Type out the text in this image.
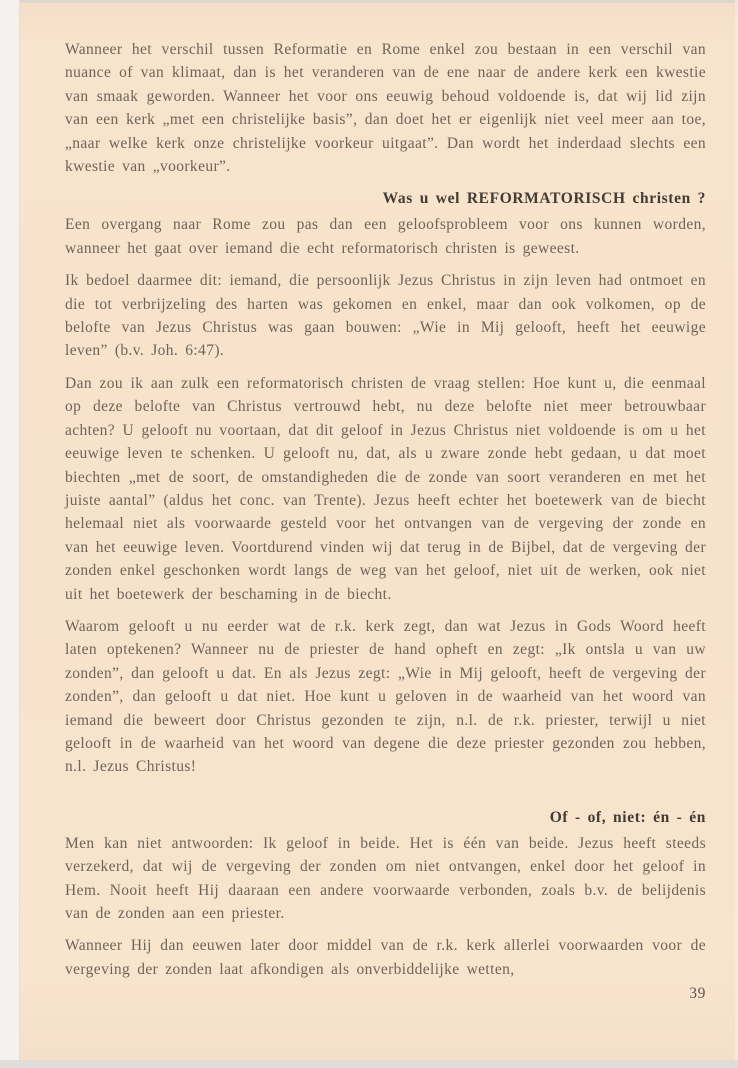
Wanneer het verschil tussen Reformatie en Rome enkel zou bestaan in een verschil van nuance of van klimaat, dan is het veranderen van de ene naar de andere kerk een kwestie van smaak geworden. Wanneer het voor ons eeuwig behoud voldoende is, dat wij lid zijn van een kerk „met een christelijke basis”, dan doet het er eigenlijk niet veel meer aan toe, „naar welke kerk onze christelijke voorkeur uitgaat”. Dan wordt het inderdaad slechts een kwestie van „voorkeur”.

Was u wel REFORMATORISCH christen ?

Een overgang naar Rome zou pas dan een geloofsprobleem voor ons kunnen worden, wanneer het gaat over iemand die echt reformatorisch christen is geweest.

Ik bedoel daarmee dit: iemand, die persoonlijk Jezus Christus in zijn leven had ontmoet en die tot verbrijzeling des harten was gekomen en enkel, maar dan ook volkomen, op de belofte van Jezus Christus was gaan bouwen: „Wie in Mij gelooft, heeft het eeuwige leven” (b.v. Joh. 6:47).

Dan zou ik aan zulk een reformatorisch christen de vraag stellen: Hoe kunt u, die eenmaal op deze belofte van Christus vertrouwd hebt, nu deze belofte niet meer betrouwbaar achten? U gelooft nu voortaan, dat dit geloof in Jezus Christus niet voldoende is om u het eeuwige leven te schenken. U gelooft nu, dat, als u zware zonde hebt gedaan, u dat moet biechten „met de soort, de omstandigheden die de zonde van soort veranderen en met het juiste aantal” (aldus het conc. van Trente). Jezus heeft echter het boetewerk van de biecht helemaal niet als voorwaarde gesteld voor het ontvangen van de vergeving der zonde en van het eeuwige leven. Voortdurend vinden wij dat terug in de Bijbel, dat de vergeving der zonden enkel geschonken wordt langs de weg van het geloof, niet uit de werken, ook niet uit het boetewerk der beschaming in de biecht.

Waarom gelooft u nu eerder wat de r.k. kerk zegt, dan wat Jezus in Gods Woord heeft laten optekenen? Wanneer nu de priester de hand opheft en zegt: „Ik ontsla u van uw zonden”, dan gelooft u dat. En als Jezus zegt: „Wie in Mij gelooft, heeft de vergeving der zonden”, dan gelooft u dat niet. Hoe kunt u geloven in de waarheid van het woord van iemand die beweert door Christus gezonden te zijn, n.l. de r.k. priester, terwijl u niet gelooft in de waarheid van het woord van degene die deze priester gezonden zou hebben, n.l. Jezus Christus!

Of - of, niet: én - én

Men kan niet antwoorden: Ik geloof in beide. Het is één van beide. Jezus heeft steeds verzekerd, dat wij de vergeving der zonden om niet ontvangen, enkel door het geloof in Hem. Nooit heeft Hij daaraan een andere voorwaarde verbonden, zoals b.v. de belijdenis van de zonden aan een priester.

Wanneer Hij dan eeuwen later door middel van de r.k. kerk allerlei voorwaarden voor de vergeving der zonden laat afkondigen als onverbiddelijke wetten,

39
